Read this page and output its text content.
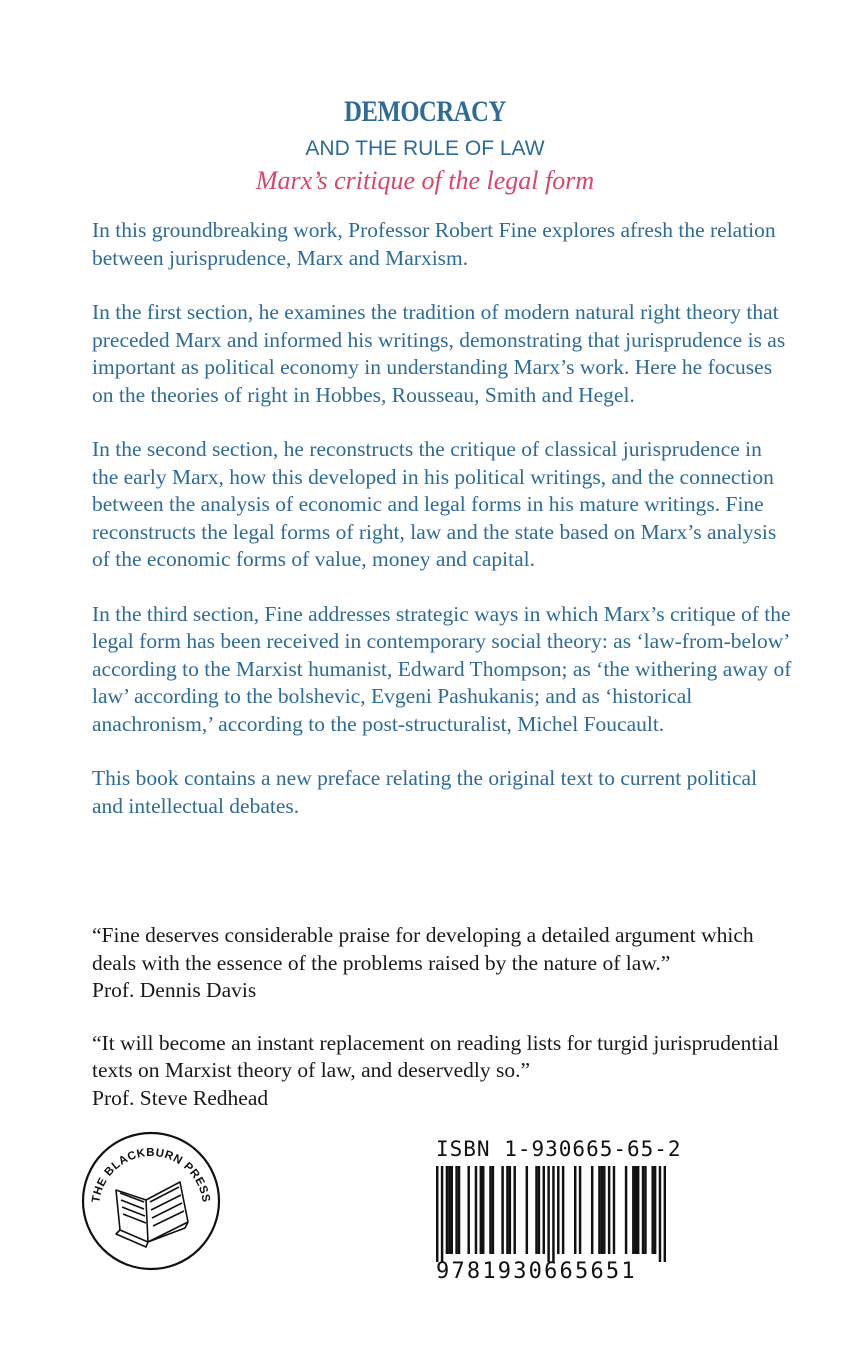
DEMOCRACY
AND THE RULE OF LAW
Marx’s critique of the legal form

In this groundbreaking work, Professor Robert Fine explores afresh the relation between jurisprudence, Marx and Marxism.

In the first section, he examines the tradition of modern natural right theory that preceded Marx and informed his writings, demonstrating that jurisprudence is as important as political economy in understanding Marx’s work. Here he focuses on the theories of right in Hobbes, Rousseau, Smith and Hegel.

In the second section, he reconstructs the critique of classical jurisprudence in the early Marx, how this developed in his political writings, and the connection between the analysis of economic and legal forms in his mature writings. Fine reconstructs the legal forms of right, law and the state based on Marx’s analysis of the economic forms of value, money and capital.

In the third section, Fine addresses strategic ways in which Marx’s critique of the legal form has been received in contemporary social theory: as ‘law-from-below’ according to the Marxist humanist, Edward Thompson; as ‘the withering away of law’ according to the bolshevic, Evgeni Pashukanis; and as ‘historical anachronism,’ according to the post-structuralist, Michel Foucault.

This book contains a new preface relating the original text to current political and intellectual debates.

“Fine deserves considerable praise for developing a detailed argument which deals with the essence of the problems raised by the nature of law.”
Prof. Dennis Davis
“It will become an instant replacement on reading lists for turgid jurisprudential texts on Marxist theory of law, and deservedly so.”
Prof. Steve Redhead
THE BLACKBURN PRESS
ISBN 1-930665-65-2
9781930665651
